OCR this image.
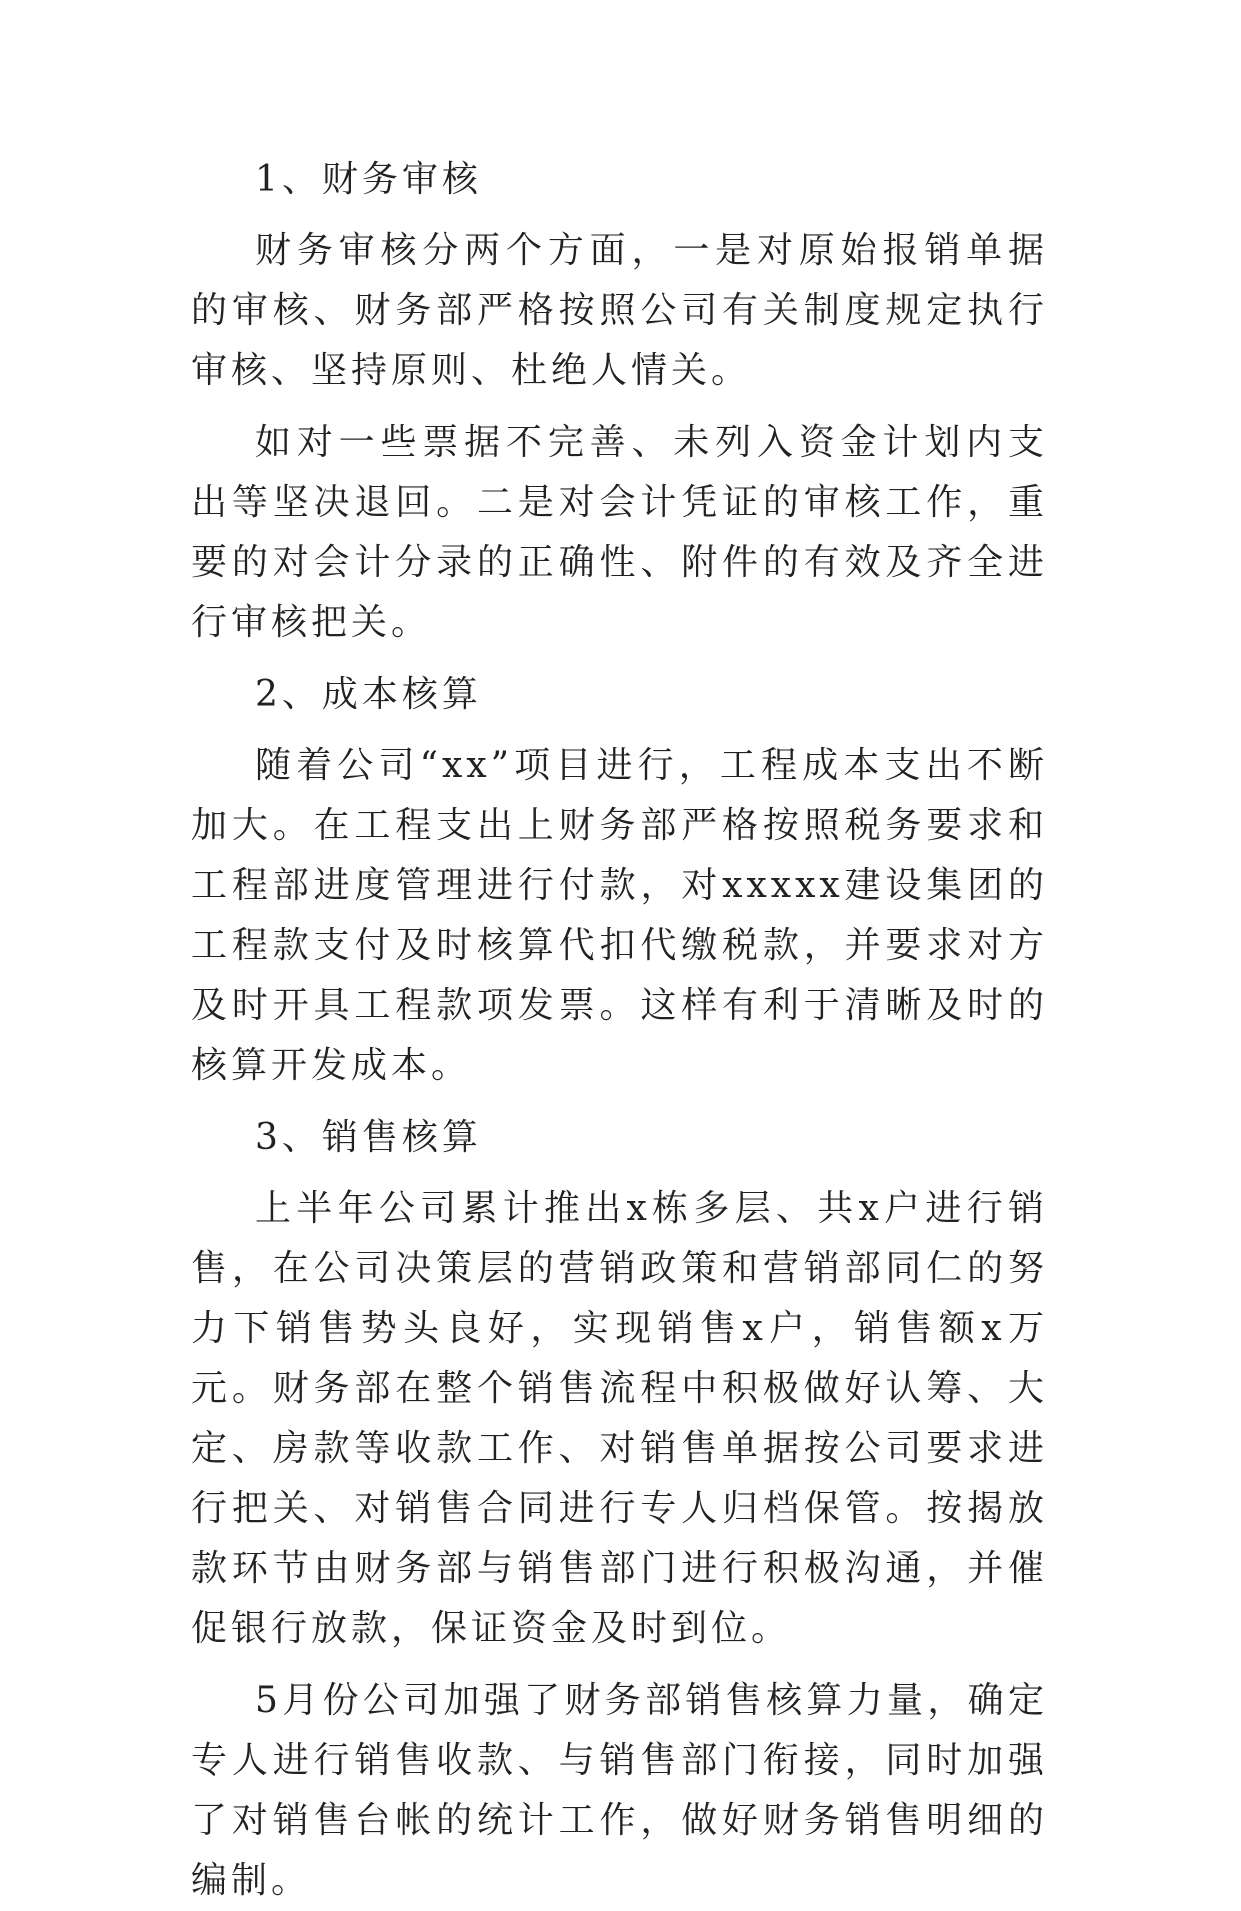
1、财务审核

财务审核分两个方面，一是对原始报销单据的审核、财务部严格按照公司有关制度规定执行审核、坚持原则、杜绝人情关。

如对一些票据不完善、未列入资金计划内支出等坚决退回。二是对会计凭证的审核工作，重要的对会计分录的正确性、附件的有效及齐全进行审核把关。

2、成本核算

随着公司“xx”项目进行，工程成本支出不断加大。在工程支出上财务部严格按照税务要求和工程部进度管理进行付款，对xxxxx建设集团的工程款支付及时核算代扣代缴税款，并要求对方及时开具工程款项发票。这样有利于清晰及时的核算开发成本。

3、销售核算

上半年公司累计推出x栋多层、共x户进行销售，在公司决策层的营销政策和营销部同仁的努力下销售势头良好，实现销售x户，销售额x万元。财务部在整个销售流程中积极做好认筹、大定、房款等收款工作、对销售单据按公司要求进行把关、对销售合同进行专人归档保管。按揭放款环节由财务部与销售部门进行积极沟通，并催促银行放款，保证资金及时到位。

5月份公司加强了财务部销售核算力量，确定专人进行销售收款、与销售部门衔接，同时加强了对销售台帐的统计工作，做好财务销售明细的编制。
